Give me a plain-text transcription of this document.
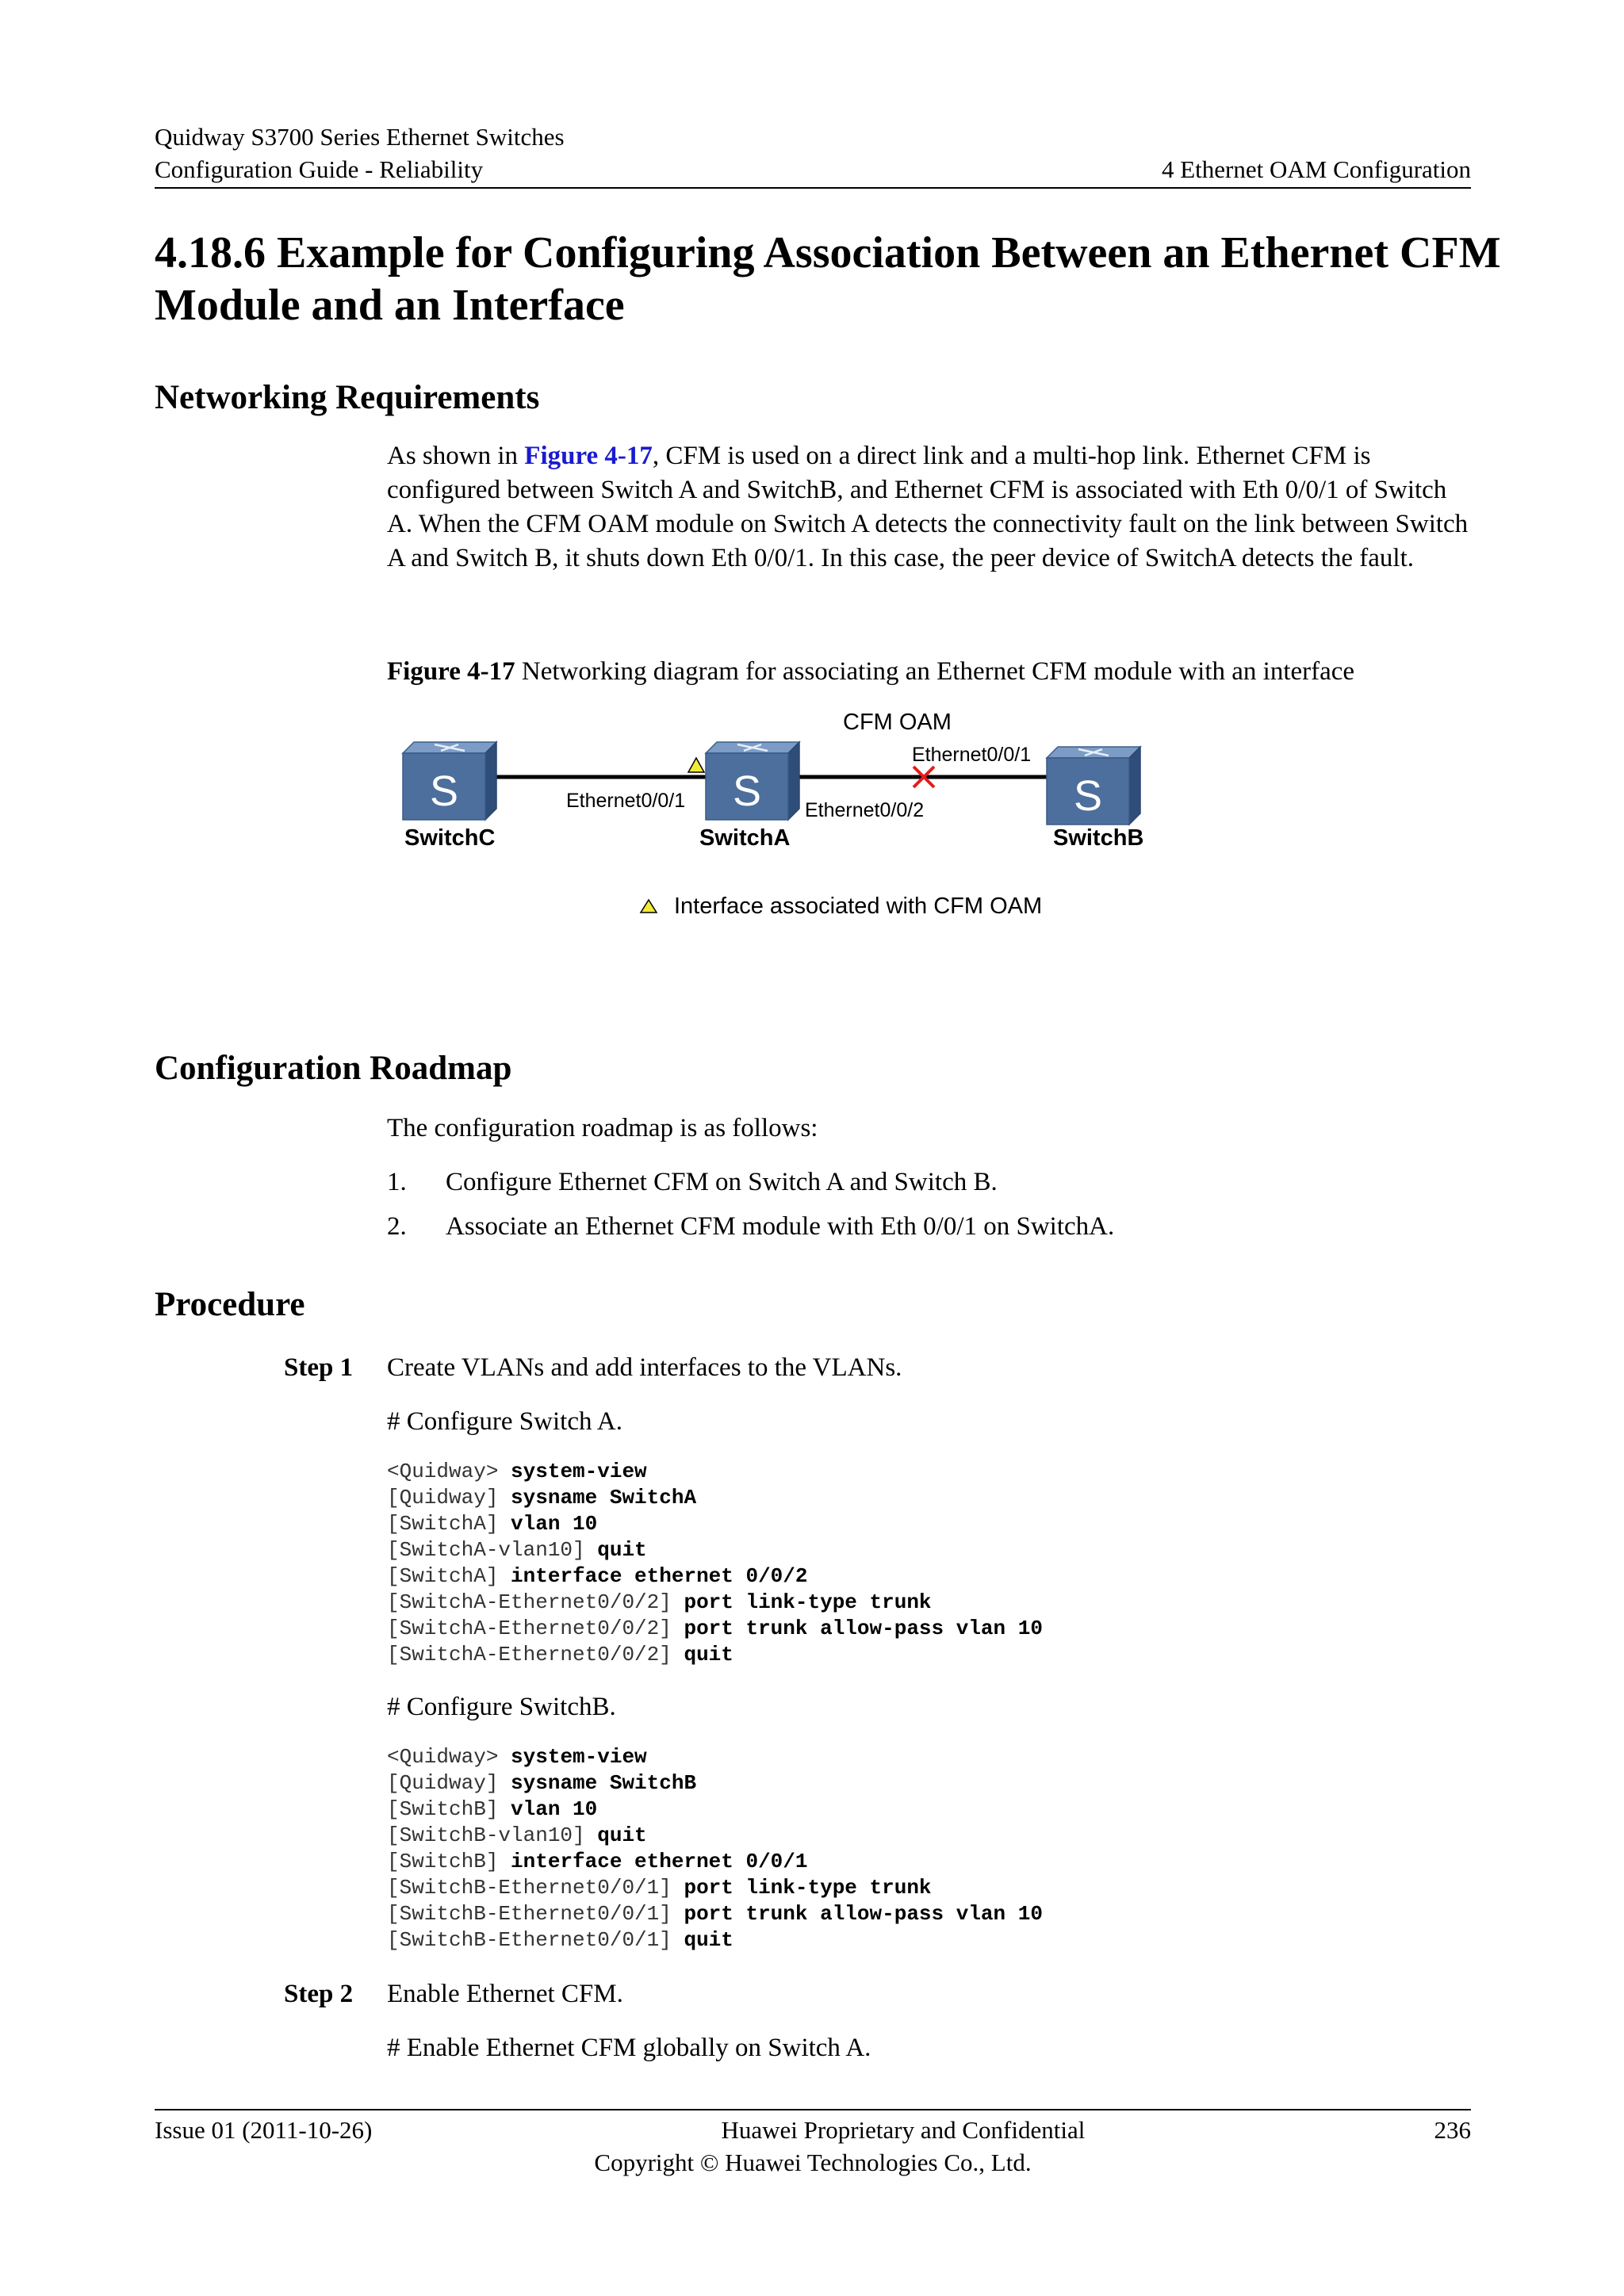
Quidway S3700 Series Ethernet Switches
Configuration Guide - Reliability	4 Ethernet OAM Configuration
4.18.6 Example for Configuring Association Between an Ethernet CFM Module and an Interface
Networking Requirements

As shown in Figure 4-17, CFM is used on a direct link and a multi-hop link. Ethernet CFM is configured between Switch A and SwitchB, and Ethernet CFM is associated with Eth 0/0/1 of Switch A. When the CFM OAM module on Switch A detects the connectivity fault on the link between Switch A and Switch B, it shuts down Eth 0/0/1. In this case, the peer device of SwitchA detects the fault.

Figure 4-17 Networking diagram for associating an Ethernet CFM module with an interface
CFM OAM
S
SwitchC
S
SwitchA
S
SwitchB
Ethernet0/0/1	Ethernet0/0/2
Ethernet0/0/1
Interface associated with CFM OAM
Configuration Roadmap

The configuration roadmap is as follows:

1.	Configure Ethernet CFM on Switch A and Switch B.
2.	Associate an Ethernet CFM module with Eth 0/0/1 on SwitchA.
Procedure
Step 1 Create VLANs and add interfaces to the VLANs.

# Configure Switch A.

<Quidway> system-view
[Quidway] sysname SwitchA
[SwitchA] vlan 10
[SwitchA-vlan10] quit
[SwitchA] interface ethernet 0/0/2
[SwitchA-Ethernet0/0/2] port link-type trunk
[SwitchA-Ethernet0/0/2] port trunk allow-pass vlan 10
[SwitchA-Ethernet0/0/2] quit

# Configure SwitchB.

<Quidway> system-view
[Quidway] sysname SwitchB
[SwitchB] vlan 10
[SwitchB-vlan10] quit
[SwitchB] interface ethernet 0/0/1
[SwitchB-Ethernet0/0/1] port link-type trunk
[SwitchB-Ethernet0/0/1] port trunk allow-pass vlan 10
[SwitchB-Ethernet0/0/1] quit
Step 2 Enable Ethernet CFM.

# Enable Ethernet CFM globally on Switch A.

Issue 01 (2011-10-26)	Huawei Proprietary and Confidential	236
Copyright © Huawei Technologies Co., Ltd.
